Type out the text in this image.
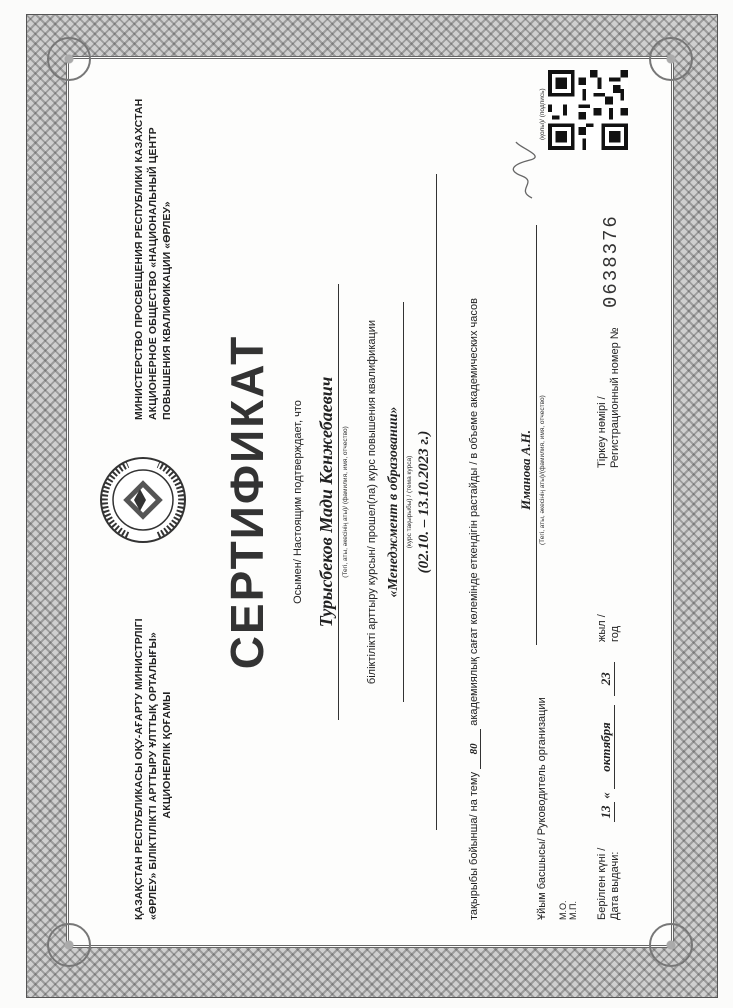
ҚАЗАҚСТАН РЕСПУБЛИКАСЫ ОҚУ-АҒАРТУ МИНИСТРЛІГІ «ӨРЛЕУ» БІЛІКТІЛІКТІ АРТТЫРУ ҰЛТТЫҚ ОРТАЛЫҒЫ» АКЦИОНЕРЛІК ҚОҒАМЫ
МИНИСТЕРСТВО ПРОСВЕЩЕНИЯ РЕСПУБЛИКИ КАЗАХСТАН АКЦИОНЕРНОЕ ОБЩЕСТВО «НАЦИОНАЛЬНЫЙ ЦЕНТР ПОВЫШЕНИЯ КВАЛИФИКАЦИИ «ӨРЛЕУ»
СЕРТИФИКАТ Осымен/ Настоящим подтверждает, что Турысбеков Мади Кенжебаевич (Тегі, аты, әкесінің аты)/ (фамилия, имя, отчество) біліктілікті арттыру курсын/ прошел(ла) курс повышения квалификации «Менеджмент в образовании» (курс тақырыбы) / (тема курса) (02.10. – 13.10.2023 г.)
тақырыбы бойынша/ на тему 80 академиялық сағат көлемінде еткендігін растайды / в объеме академических часов
Ұйым басшысы/ Руководитель организации
Иманова А.Н. (Тегі, аты, әкесінің аты)/(фамилия, имя, отчество)
(қолы)/ (подпись)
М.О. М.П. Берілген күні / Дата выдачи:
13 « октября 23
жыл / год
Тіркеу нөмірі / Регистрационный номер №
0638376
